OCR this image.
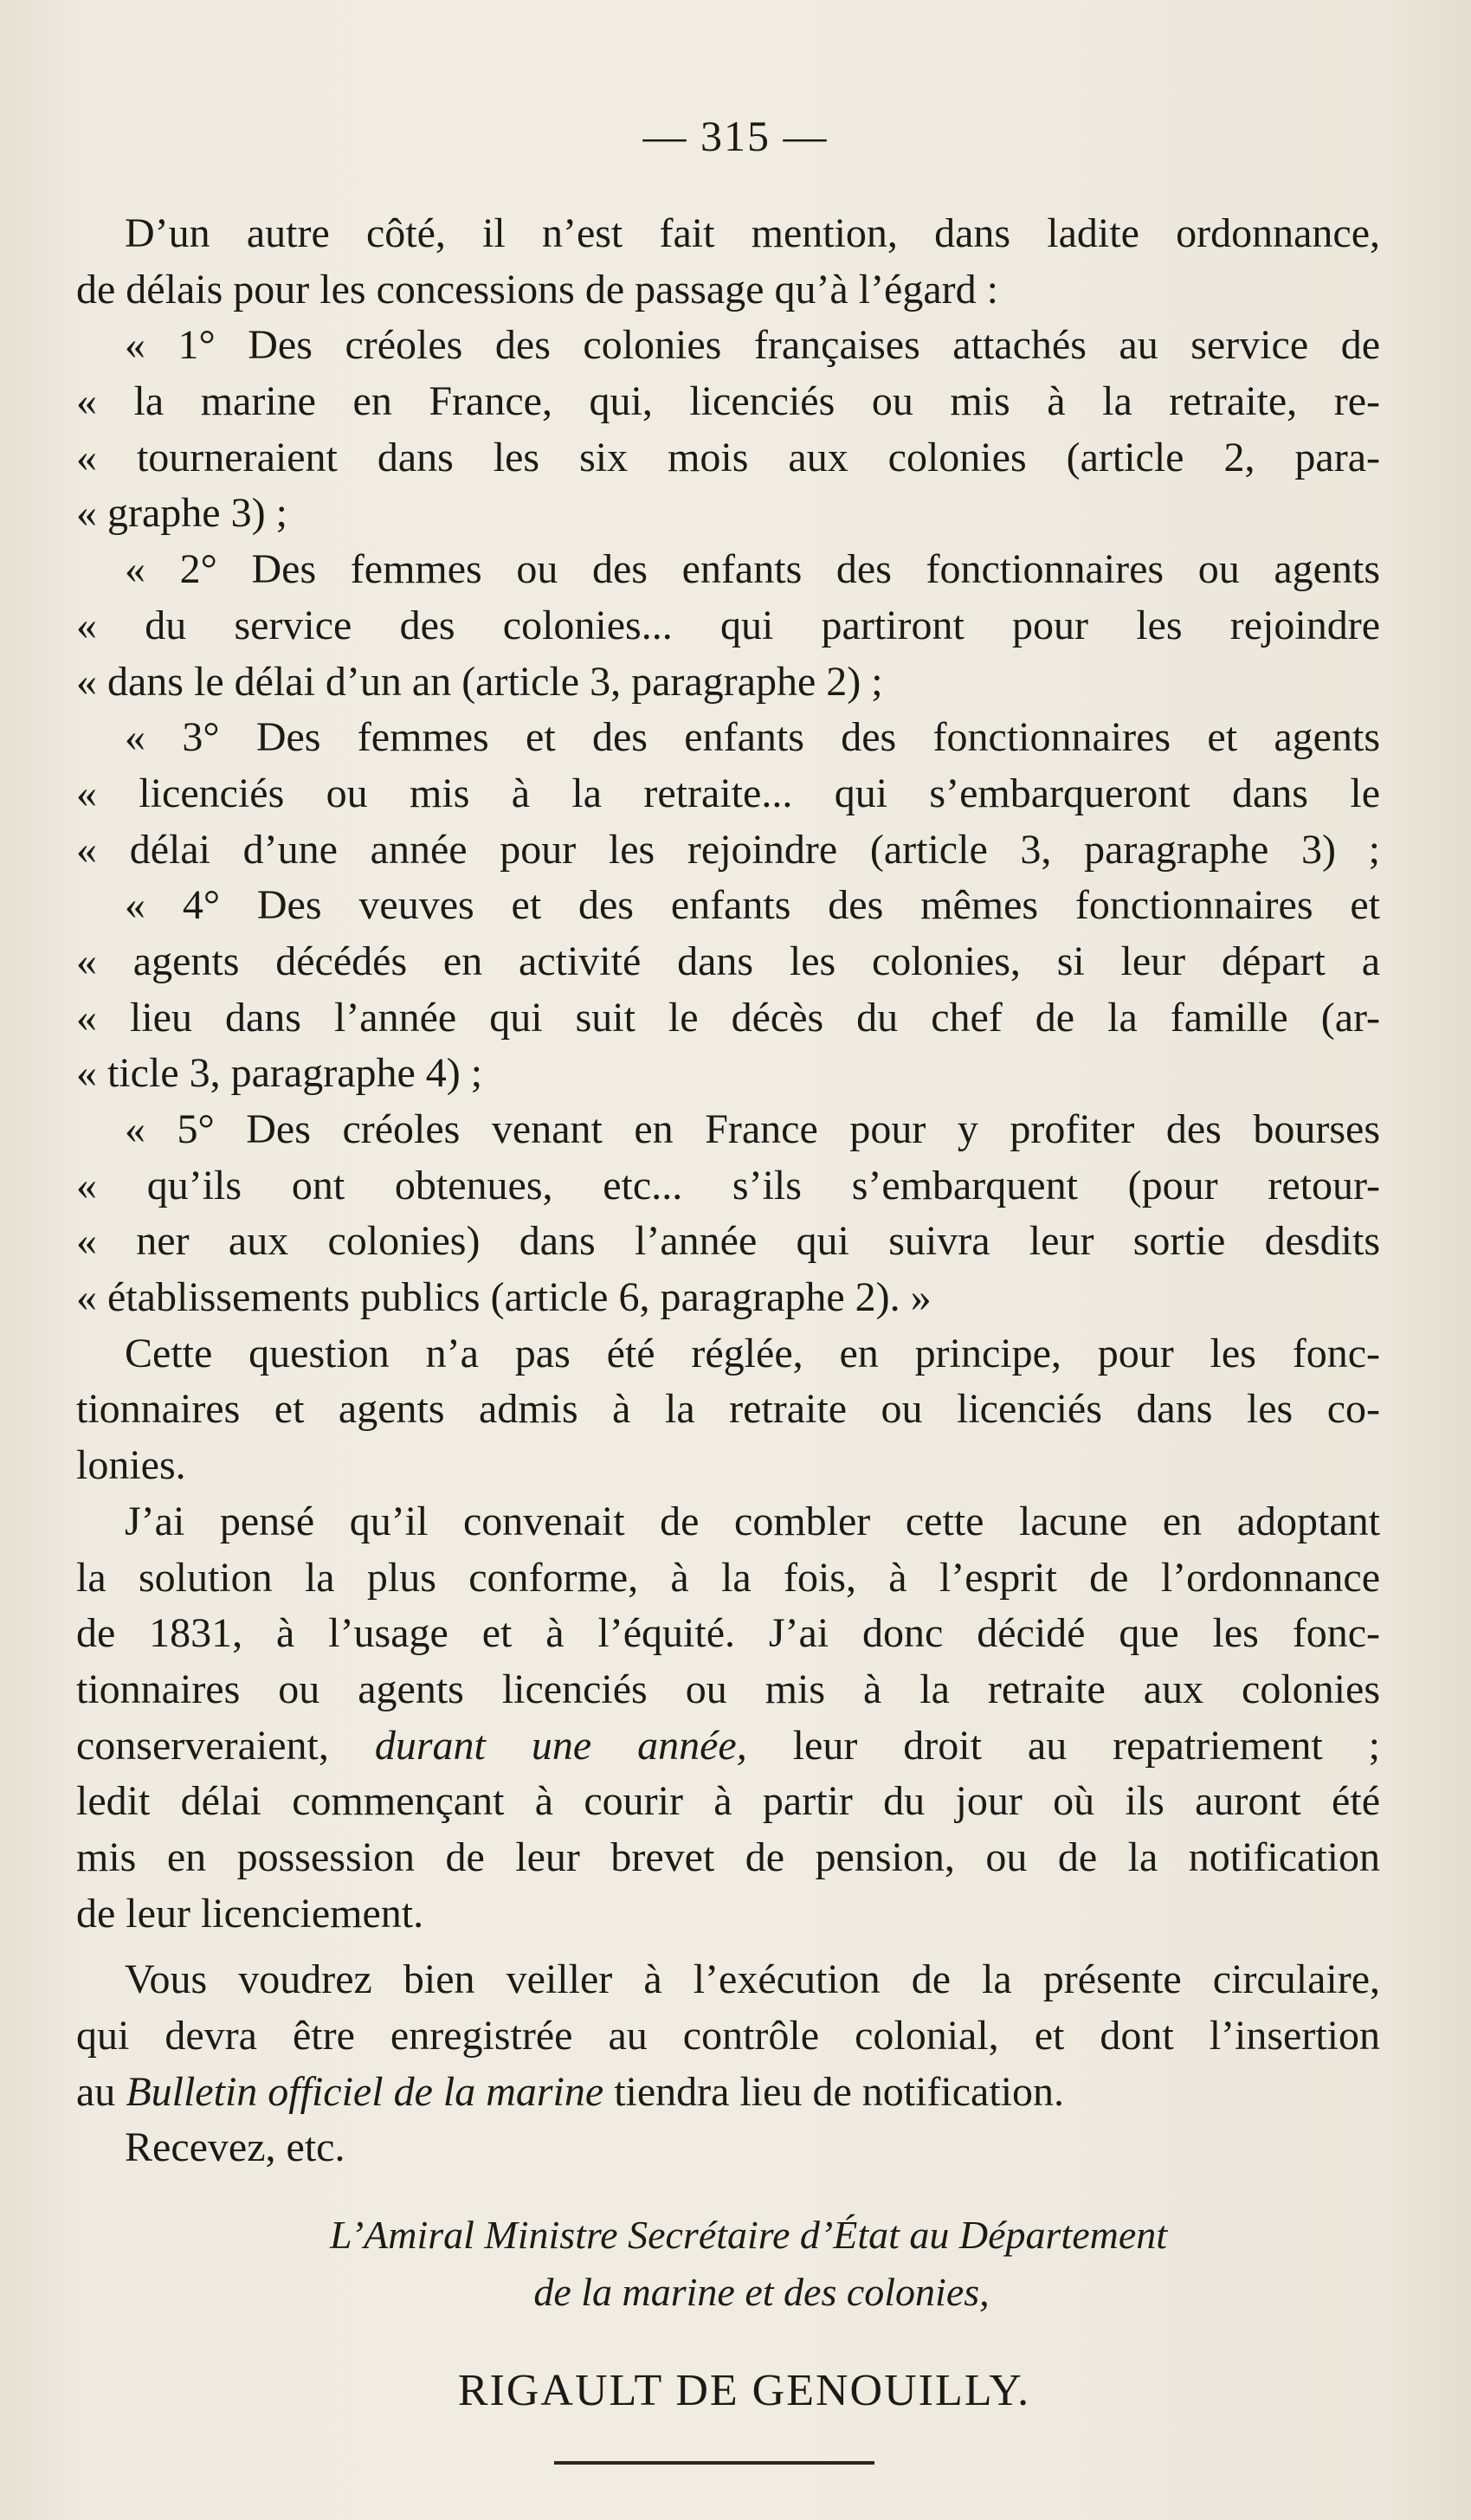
— 315 —
D’un autre côté, il n’est fait mention, dans ladite ordonnance,
de délais pour les concessions de passage qu’à l’égard :
« 1° Des créoles des colonies françaises attachés au service de
« la marine en France, qui, licenciés ou mis à la retraite, re-
« tourneraient dans les six mois aux colonies (article 2, para-
« graphe 3) ;
« 2° Des femmes ou des enfants des fonctionnaires ou agents
« du service des colonies... qui partiront pour les rejoindre
« dans le délai d’un an (article 3, paragraphe 2) ;
« 3° Des femmes et des enfants des fonctionnaires et agents
« licenciés ou mis à la retraite... qui s’embarqueront dans le
« délai d’une année pour les rejoindre (article 3, paragraphe 3) ;
« 4° Des veuves et des enfants des mêmes fonctionnaires et
« agents décédés en activité dans les colonies, si leur départ a
« lieu dans l’année qui suit le décès du chef de la famille (ar-
« ticle 3, paragraphe 4) ;
« 5° Des créoles venant en France pour y profiter des bourses
« qu’ils ont obtenues, etc... s’ils s’embarquent (pour retour-
« ner aux colonies) dans l’année qui suivra leur sortie desdits
« établissements publics (article 6, paragraphe 2). »
Cette question n’a pas été réglée, en principe, pour les fonc-
tionnaires et agents admis à la retraite ou licenciés dans les co-
lonies.
J’ai pensé qu’il convenait de combler cette lacune en adoptant
la solution la plus conforme, à la fois, à l’esprit de l’ordonnance
de 1831, à l’usage et à l’équité. J’ai donc décidé que les fonc-
tionnaires ou agents licenciés ou mis à la retraite aux colonies
conserveraient, durant une année, leur droit au repatriement ;
ledit délai commençant à courir à partir du jour où ils auront été
mis en possession de leur brevet de pension, ou de la notification
de leur licenciement.
Vous voudrez bien veiller à l’exécution de la présente circulaire,
qui devra être enregistrée au contrôle colonial, et dont l’insertion
au Bulletin officiel de la marine tiendra lieu de notification.
Recevez, etc.
L’Amiral Ministre Secrétaire d’État au Département
de la marine et des colonies,
RIGAULT DE GENOUILLY.
